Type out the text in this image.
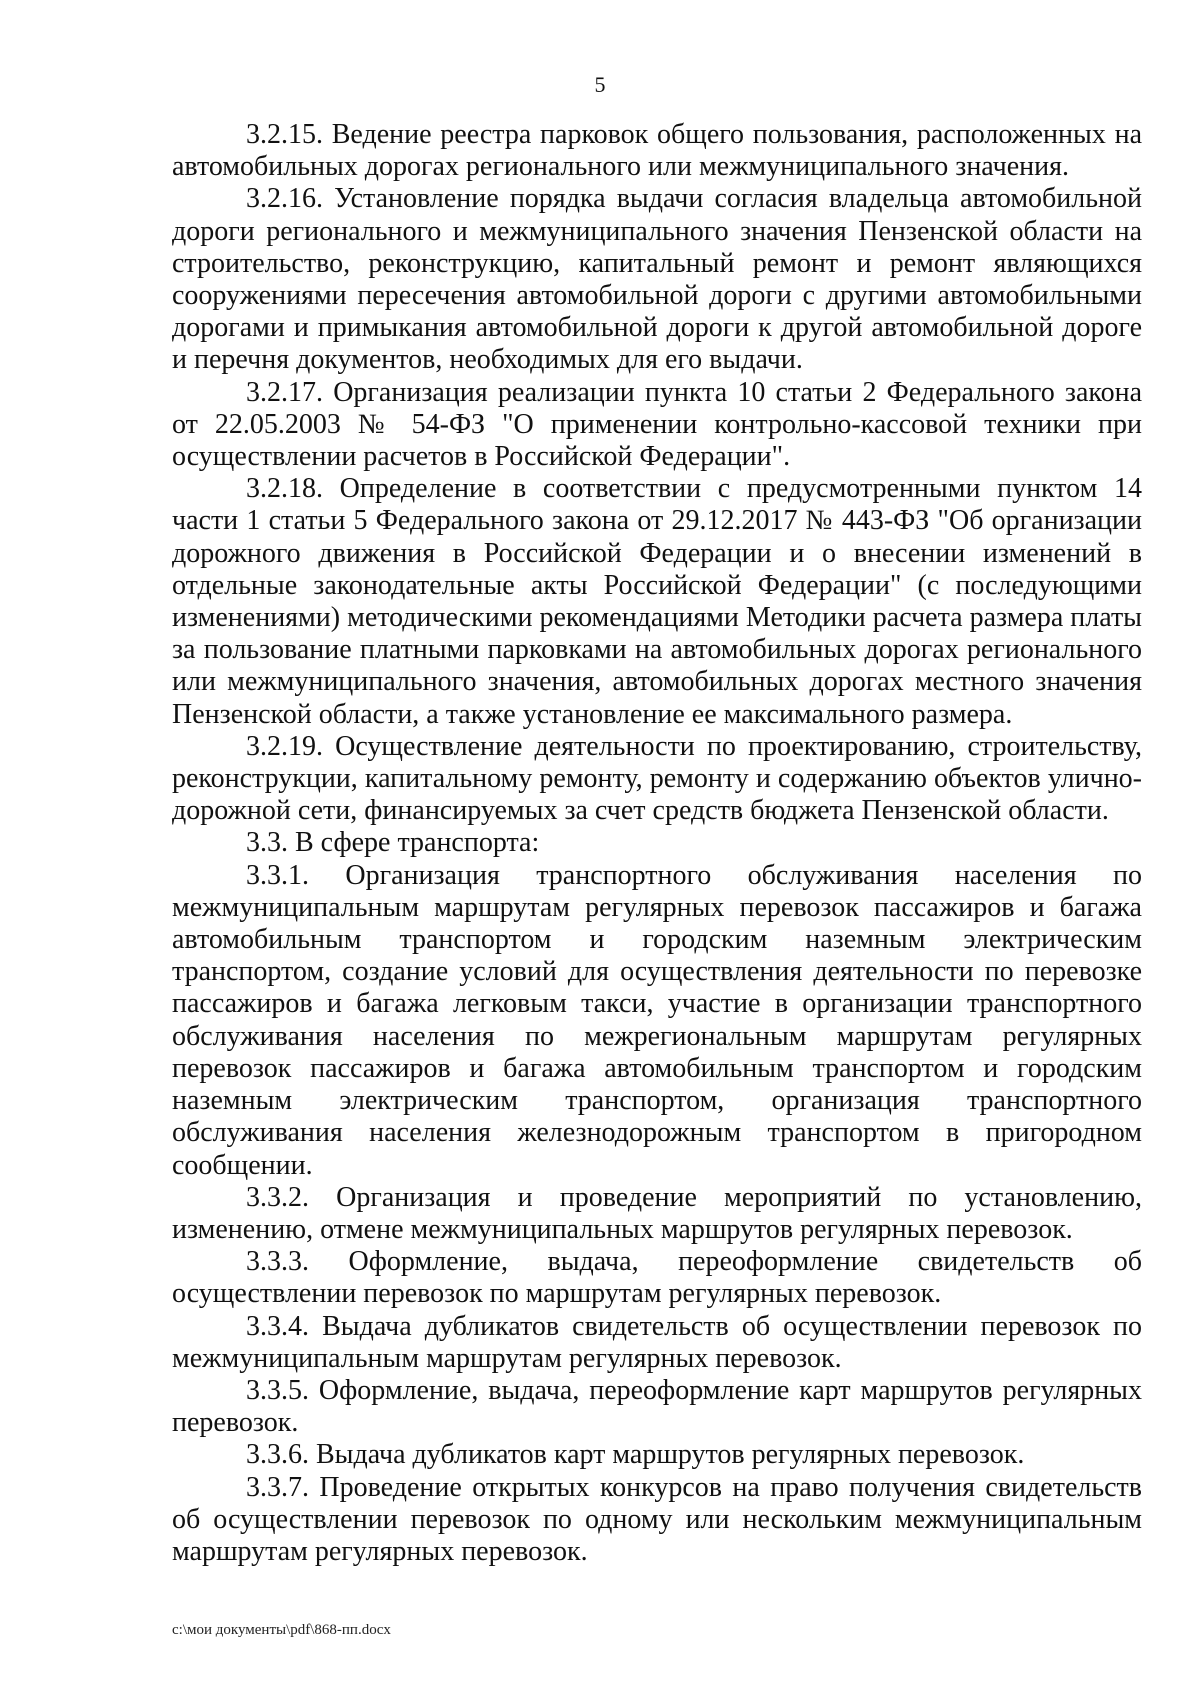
5

3.2.15. Ведение реестра парковок общего пользования, расположенных на автомобильных дорогах регионального или межмуниципального значения.

3.2.16. Установление порядка выдачи согласия владельца автомобильной дороги регионального и межмуниципального значения Пензенской области на строительство, реконструкцию, капитальный ремонт и ремонт являющихся сооружениями пересечения автомобильной дороги с другими автомобильными дорогами и примыкания автомобильной дороги к другой автомобильной дороге и перечня документов, необходимых для его выдачи.

3.2.17. Организация реализации пункта 10 статьи 2 Федерального закона от 22.05.2003 № 54-ФЗ "О применении контрольно-кассовой техники при осуществлении расчетов в Российской Федерации".

3.2.18. Определение в соответствии с предусмотренными пунктом 14 части 1 статьи 5 Федерального закона от 29.12.2017 № 443-ФЗ "Об организации дорожного движения в Российской Федерации и о внесении изменений в отдельные законодательные акты Российской Федерации" (с последующими изменениями) методическими рекомендациями Методики расчета размера платы за пользование платными парковками на автомобильных дорогах регионального или межмуниципального значения, автомобильных дорогах местного значения Пензенской области, а также установление ее максимального размера.

3.2.19. Осуществление деятельности по проектированию, строительству, реконструкции, капитальному ремонту, ремонту и содержанию объектов улично-дорожной сети, финансируемых за счет средств бюджета Пензенской области.

3.3. В сфере транспорта:

3.3.1. Организация транспортного обслуживания населения по межмуниципальным маршрутам регулярных перевозок пассажиров и багажа автомобильным транспортом и городским наземным электрическим транспортом, создание условий для осуществления деятельности по перевозке пассажиров и багажа легковым такси, участие в организации транспортного обслуживания населения по межрегиональным маршрутам регулярных перевозок пассажиров и багажа автомобильным транспортом и городским наземным электрическим транспортом, организация транспортного обслуживания населения железнодорожным транспортом в пригородном сообщении.

3.3.2. Организация и проведение мероприятий по установлению, изменению, отмене межмуниципальных маршрутов регулярных перевозок.

3.3.3. Оформление, выдача, переоформление свидетельств об осуществлении перевозок по маршрутам регулярных перевозок.

3.3.4. Выдача дубликатов свидетельств об осуществлении перевозок по межмуниципальным маршрутам регулярных перевозок.

3.3.5. Оформление, выдача, переоформление карт маршрутов регулярных перевозок.

3.3.6. Выдача дубликатов карт маршрутов регулярных перевозок.

3.3.7. Проведение открытых конкурсов на право получения свидетельств об осуществлении перевозок по одному или нескольким межмуниципальным маршрутам регулярных перевозок.

c:\мои документы\pdf\868-пп.docx
